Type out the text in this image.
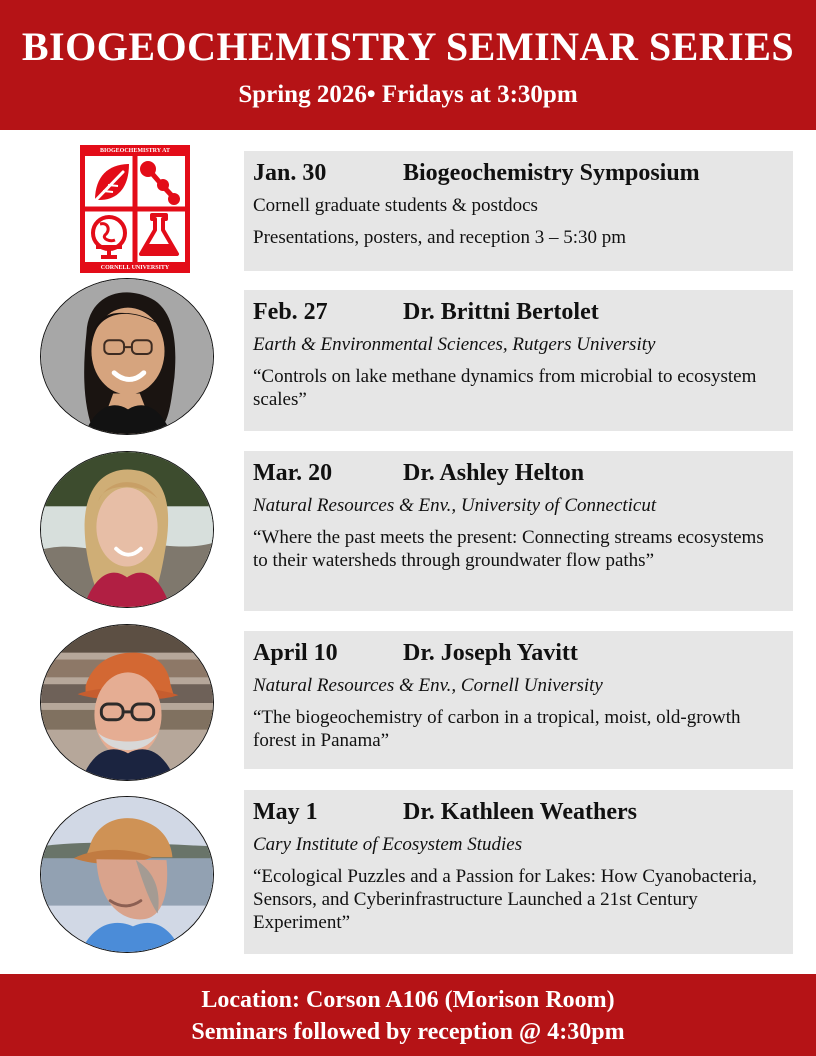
BIOGEOCHEMISTRY SEMINAR SERIES
Spring 2026• Fridays at 3:30pm
BIOGEOCHEMISTRY AT
CORNELL UNIVERSITY
Jan. 30	Biogeochemistry Symposium
Cornell graduate students & postdocs
Presentations, posters, and reception 3 – 5:30 pm
Feb. 27	Dr. Brittni Bertolet
Earth & Environmental Sciences, Rutgers University
“Controls on lake methane dynamics from microbial to ecosystem scales”
Mar. 20	Dr. Ashley Helton
Natural Resources & Env., University of Connecticut
“Where the past meets the present: Connecting streams ecosystems to their watersheds through groundwater flow paths”
April 10	Dr. Joseph Yavitt
Natural Resources & Env., Cornell University
“The biogeochemistry of carbon in a tropical, moist, old-growth forest in Panama”
May 1	Dr. Kathleen Weathers
Cary Institute of Ecosystem Studies
“Ecological Puzzles and a Passion for Lakes: How Cyanobacteria, Sensors, and Cyberinfrastructure Launched a 21st Century Experiment”
Location: Corson A106 (Morison Room)
Seminars followed by reception @ 4:30pm
